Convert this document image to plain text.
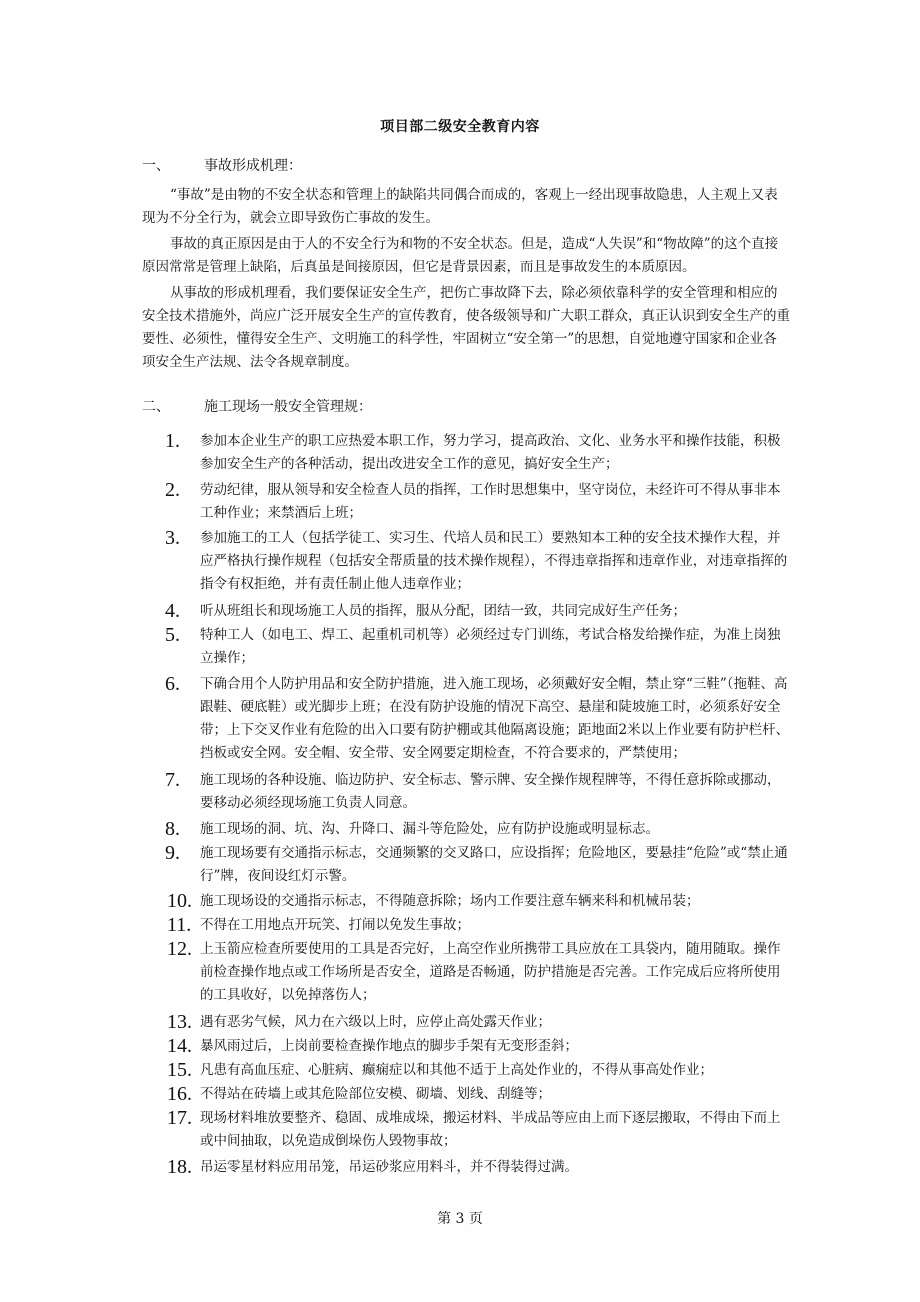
项目部二级安全教育内容
一、 事故形成机理：
“事故”是由物的不安全状态和管理上的缺陷共同偶合而成的，客观上一经出现事故隐患，人主观上又表现为不分全行为，就会立即导致伤亡事故的发生。
事故的真正原因是由于人的不安全行为和物的不安全状态。但是，造成“人失误”和“物故障”的这个直接原因常常是管理上缺陷，后真虽是间接原因，但它是背景因素，而且是事故发生的本质原因。
从事故的形成机理看，我们要保证安全生产，把伤亡事故降下去，除必须依靠科学的安全管理和相应的安全技术措施外，尚应广泛开展安全生产的宣传教育，使各级领导和广大职工群众，真正认识到安全生产的重要性、必须性，懂得安全生产、文明施工的科学性，牢固树立“安全第一”的思想，自觉地遵守国家和企业各项安全生产法规、法令各规章制度。
二、 施工现场一般安全管理规：
1.	参加本企业生产的职工应热爱本职工作，努力学习，提高政治、文化、业务水平和操作技能，积极参加安全生产的各种活动，提出改进安全工作的意见，搞好安全生产；
2.	劳动纪律，服从领导和安全检查人员的指挥，工作时思想集中，坚守岗位，未经许可不得从事非本工种作业；来禁酒后上班；
3.	参加施工的工人（包括学徒工、实习生、代培人员和民工）要熟知本工种的安全技术操作大程，并应严格执行操作规程（包括安全帮质量的技术操作规程），不得违章指挥和违章作业，对违章指挥的指令有权拒绝，并有责任制止他人违章作业；
4.	听从班组长和现场施工人员的指挥，服从分配，团结一致，共同完成好生产任务；
5.	特种工人（如电工、焊工、起重机司机等）必须经过专门训练，考试合格发给操作症，为准上岗独立操作；
6.	下确合用个人防护用品和安全防护措施，进入施工现场，必须戴好安全帽，禁止穿“三鞋”（拖鞋、高跟鞋、硬底鞋）或光脚步上班；在没有防护设施的情况下高空、悬崖和陡坡施工时，必须系好安全带；上下交叉作业有危险的出入口要有防护棚或其他隔离设施；距地面2米以上作业要有防护栏杆、挡板或安全网。安全帽、安全带、安全网要定期检查，不符合要求的，严禁使用；
7.	施工现场的各种设施、临边防护、安全标志、警示牌、安全操作规程牌等，不得任意拆除或挪动，要移动必须经现场施工负责人同意。
8.	施工现场的洞、坑、沟、升降口、漏斗等危险处，应有防护设施或明显标志。
9.	施工现场要有交通指示标志，交通频繁的交叉路口，应设指挥；危险地区，要悬挂“危险”或“禁止通行”牌，夜间设红灯示警。
10. 施工现场设的交通指示标志，不得随意拆除；场内工作要注意车辆来科和机械吊装；
11. 不得在工用地点开玩笑、打闹以免发生事故；
12. 上玉箭应检查所要使用的工具是否完好，上高空作业所携带工具应放在工具袋内，随用随取。操作前检查操作地点或工作场所是否安全，道路是否畅通，防护措施是否完善。工作完成后应将所使用的工具收好，以免掉落伤人；
13. 遇有恶劣气候，风力在六级以上时，应停止高处露天作业；
14. 暴风雨过后，上岗前要检查操作地点的脚步手架有无变形歪斜；
15. 凡患有高血压症、心脏病、癫痫症以和其他不适于上高处作业的，不得从事高处作业；
16. 不得站在砖墙上或其危险部位安模、砌墙、划线、刮缝等；
17. 现场材料堆放要整齐、稳固、成堆成垛，搬运材料、半成品等应由上而下逐层搬取，不得由下而上或中间抽取，以免造成倒垛伤人毁物事故；
18. 吊运零星材料应用吊笼，吊运砂浆应用料斗，并不得装得过满。
第 3 页
